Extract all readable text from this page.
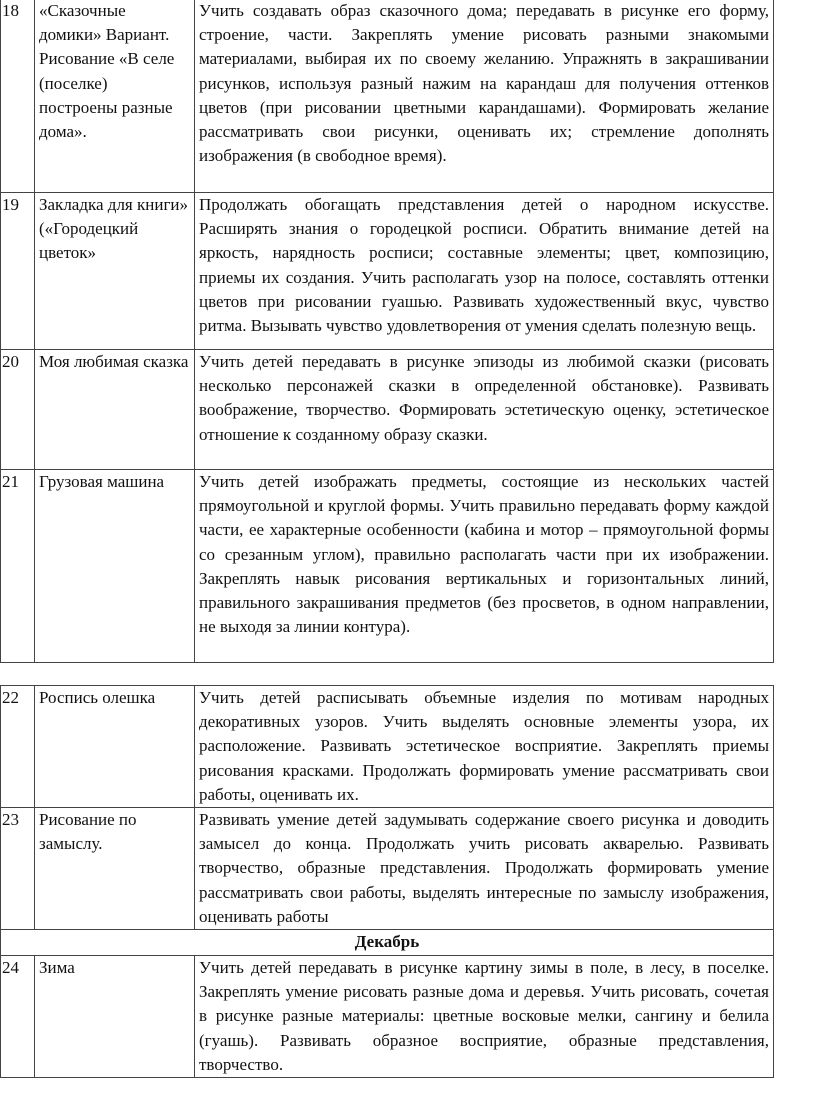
18	«Сказочные домики» Вариант. Рисование «В селе (поселке) построены разные дома».	Учить создавать образ сказочного дома; передавать в рисунке его форму, строение, части. Закреплять умение рисовать разными знакомыми материалами, выбирая их по своему желанию. Упражнять в закрашивании рисунков, используя разный нажим на карандаш для получения оттенков цветов (при рисовании цветными карандашами). Формировать желание рассматривать свои рисунки, оценивать их; стремление дополнять изображения (в свободное время).
19	Закладка для книги» («Городецкий цветок»	Продолжать обогащать представления детей о народном искусстве. Расширять знания о городецкой росписи. Обратить внимание детей на яркость, нарядность росписи; составные элементы; цвет, композицию, приемы их создания. Учить располагать узор на полосе, составлять оттенки цветов при рисовании гуашью. Развивать художественный вкус, чувство ритма. Вызывать чувство удовлетворения от умения сделать полезную вещь.
20	Моя любимая сказка	Учить детей передавать в рисунке эпизоды из любимой сказки (рисовать несколько персонажей сказки в определенной обстановке). Развивать воображение, творчество. Формировать эстетическую оценку, эстетическое отношение к созданному образу сказки.
21	Грузовая машина	Учить детей изображать предметы, состоящие из нескольких частей прямоугольной и круглой формы. Учить правильно передавать форму каждой части, ее характерные особенности (кабина и мотор – прямоугольной формы со срезанным углом), правильно располагать части при их изображении. Закреплять навык рисования вертикальных и горизонтальных линий, правильного закрашивания предметов (без просветов, в одном направлении, не выходя за линии контура).
22	Роспись олешка	Учить детей расписывать объемные изделия по мотивам народных декоративных узоров. Учить выделять основные элементы узора, их расположение. Развивать эстетическое восприятие. Закреплять приемы рисования красками. Продолжать формировать умение рассматривать свои работы, оценивать их.
23	Рисование по замыслу.	Развивать умение детей задумывать содержание своего рисунка и доводить замысел до конца. Продолжать учить рисовать акварелью. Развивать творчество, образные представления. Продолжать формировать умение рассматривать свои работы, выделять интересные по замыслу изображения, оценивать работы
Декабрь		
24	Зима	Учить детей передавать в рисунке картину зимы в поле, в лесу, в поселке. Закреплять умение рисовать разные дома и деревья. Учить рисовать, сочетая в рисунке разные материалы: цветные восковые мелки, сангину и белила (гуашь). Развивать образное восприятие, образные представления, творчество.
